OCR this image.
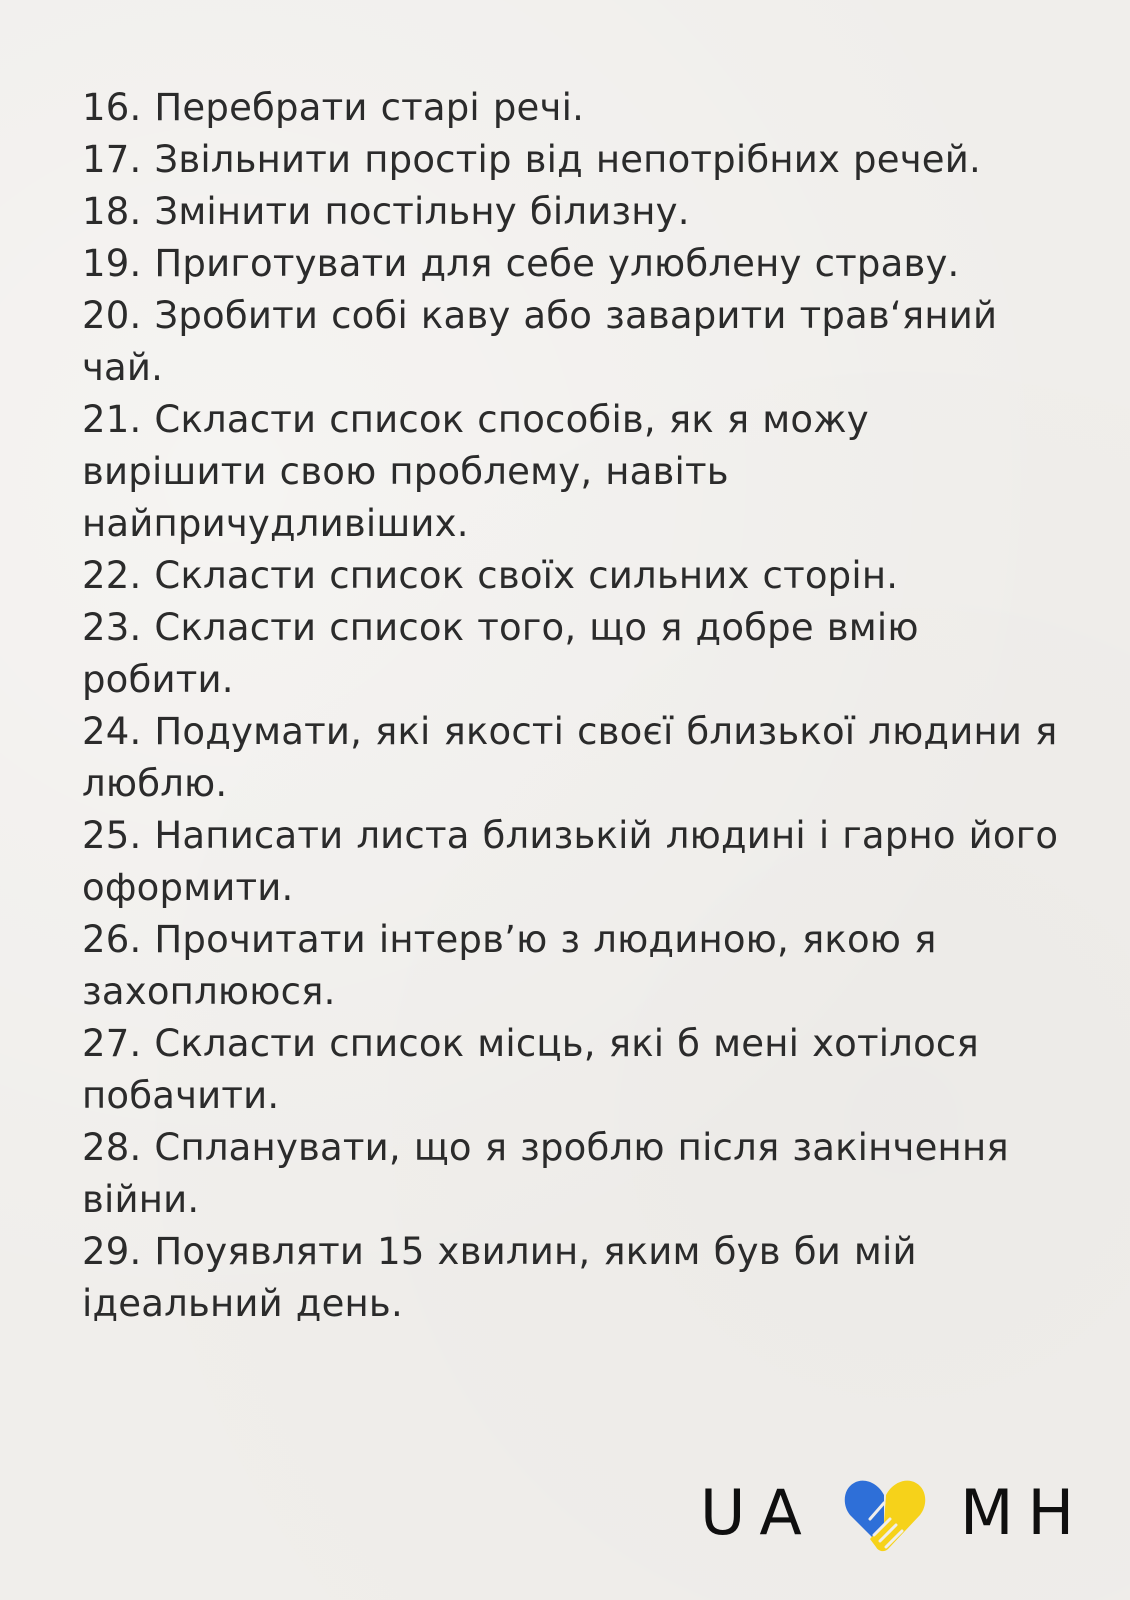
16. Перебрати старі речі.
17. Звільнити простір від непотрібних речей.
18. Змінити постільну білизну.
19. Приготувати для себе улюблену страву.
20. Зробити собі каву або заварити трав‘яний чай.
21. Скласти список способів, як я можу вирішити свою проблему, навіть найпричудливіших.
22. Скласти список своїх сильних сторін.
23. Скласти список того, що я добре вмію робити.
24. Подумати, які якості своєї близької людини я люблю.
25. Написати листа близькій людині і гарно його оформити.
26. Прочитати інтерв’ю з людиною, якою я захоплююся.
27. Скласти список місць, які б мені хотілося побачити.
28. Спланувати, що я зроблю після закінчення війни.
29. Поуявляти 15 хвилин, яким був би мій ідеальний день.
UA MH
